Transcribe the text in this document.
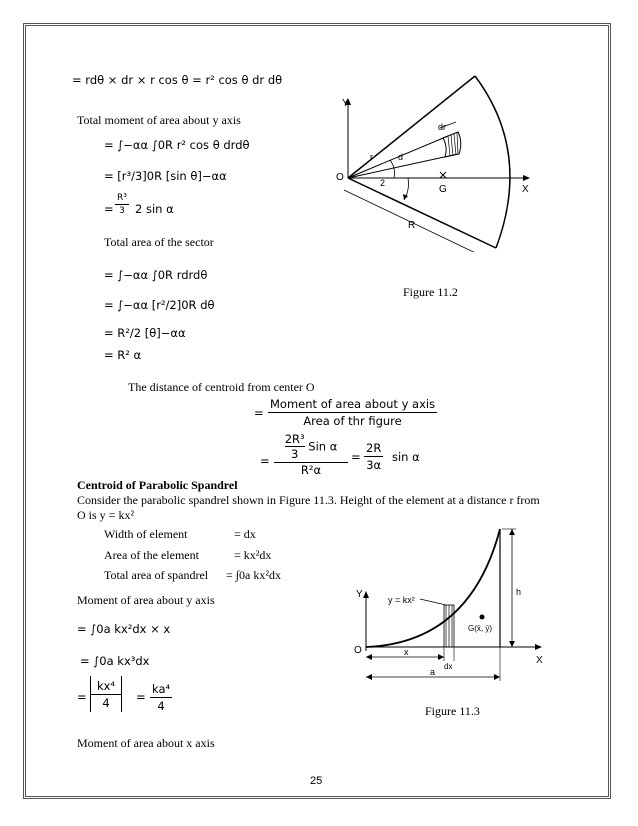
= rdθ × dr × r cos θ = r² cos θ dr dθ
Total moment of area about y axis
= ∫−αα ∫0R r² cos θ drdθ
= [r³/3]0R [sin θ]−αα
= $\frac{\text{R³}}{3} 2$ sin α
Total area of the sector
= ∫−αα ∫0R rdrdθ
= ∫−αα [r²/2]0R dθ
= R²/2 [θ]−αα
= R² α
Y
X
O
G
r
dr
d
2
R
Figure 11.2
The distance of centroid from center O
=
Moment of area about y axis
Area of thr figure
= $\frac{\text{2R³}}{3}$ Sin α
R²α
= $\frac{2R}{3\alpha}$ sin α
Centroid of Parabolic Spandrel
Consider the parabolic spandrel shown in Figure 11.3. Height of the element at a distance r from
O is y = kx²
Width of element	= dx
Area of the element	= kx²dx
Total area of spandrel = ∫0a kx²dx
Moment of area about y axis
= ∫0a kx²dx × x
= ∫0a kx³dx
= $\frac{\text{kx⁴}}{4} = \frac{\text{ka⁴}}{4}$
Y
X
O
y = kx²
G(x̄, ȳ)
h
x
dx
a
Figure 11.3
Moment of area about x axis
25
